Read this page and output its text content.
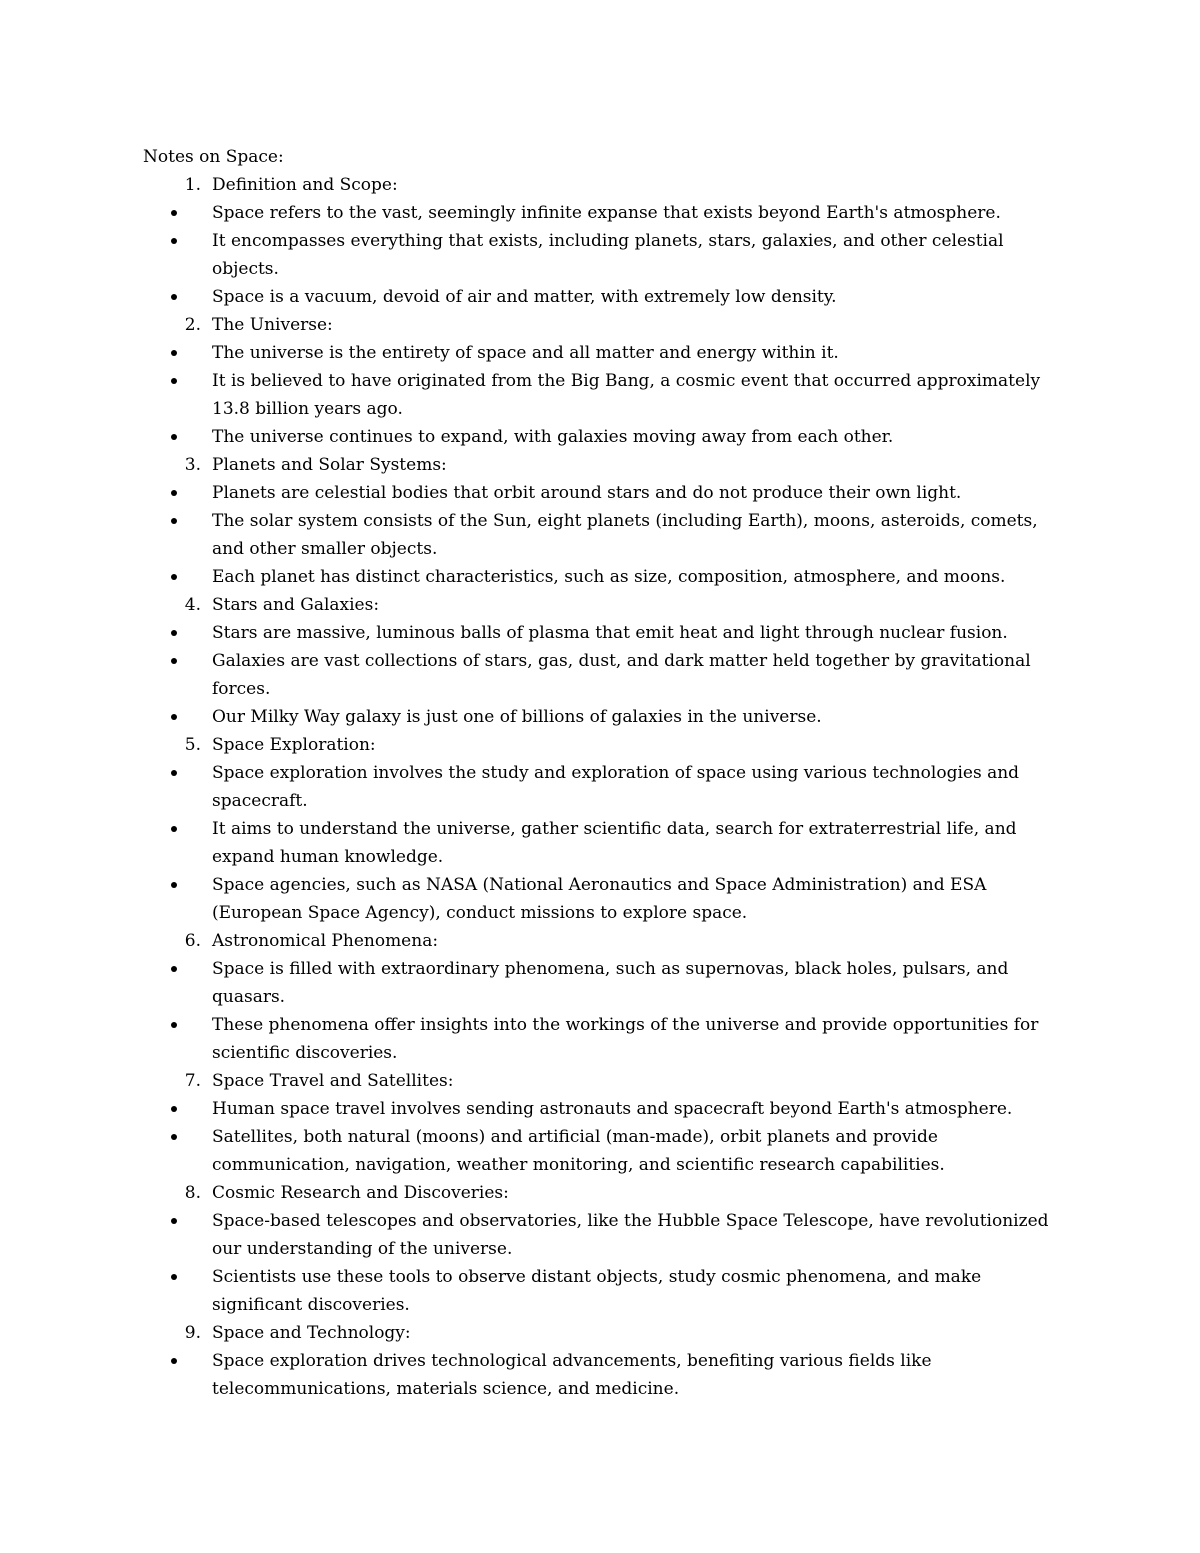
Notes on Space:

1. Definition and Scope:
Space refers to the vast, seemingly infinite expanse that exists beyond Earth's atmosphere.
It encompasses everything that exists, including planets, stars, galaxies, and other celestial objects.
Space is a vacuum, devoid of air and matter, with extremely low density.
2. The Universe:
The universe is the entirety of space and all matter and energy within it.
It is believed to have originated from the Big Bang, a cosmic event that occurred approximately 13.8 billion years ago.
The universe continues to expand, with galaxies moving away from each other.
3. Planets and Solar Systems:
Planets are celestial bodies that orbit around stars and do not produce their own light.
The solar system consists of the Sun, eight planets (including Earth), moons, asteroids, comets, and other smaller objects.
Each planet has distinct characteristics, such as size, composition, atmosphere, and moons.
4. Stars and Galaxies:
Stars are massive, luminous balls of plasma that emit heat and light through nuclear fusion.
Galaxies are vast collections of stars, gas, dust, and dark matter held together by gravitational forces.
Our Milky Way galaxy is just one of billions of galaxies in the universe.
5. Space Exploration:
Space exploration involves the study and exploration of space using various technologies and spacecraft.
It aims to understand the universe, gather scientific data, search for extraterrestrial life, and expand human knowledge.
Space agencies, such as NASA (National Aeronautics and Space Administration) and ESA (European Space Agency), conduct missions to explore space.
6. Astronomical Phenomena:
Space is filled with extraordinary phenomena, such as supernovas, black holes, pulsars, and quasars.
These phenomena offer insights into the workings of the universe and provide opportunities for scientific discoveries.
7. Space Travel and Satellites:
Human space travel involves sending astronauts and spacecraft beyond Earth's atmosphere.
Satellites, both natural (moons) and artificial (man-made), orbit planets and provide communication, navigation, weather monitoring, and scientific research capabilities.
8. Cosmic Research and Discoveries:
Space-based telescopes and observatories, like the Hubble Space Telescope, have revolutionized our understanding of the universe.
Scientists use these tools to observe distant objects, study cosmic phenomena, and make significant discoveries.
9. Space and Technology:
Space exploration drives technological advancements, benefiting various fields like telecommunications, materials science, and medicine.
